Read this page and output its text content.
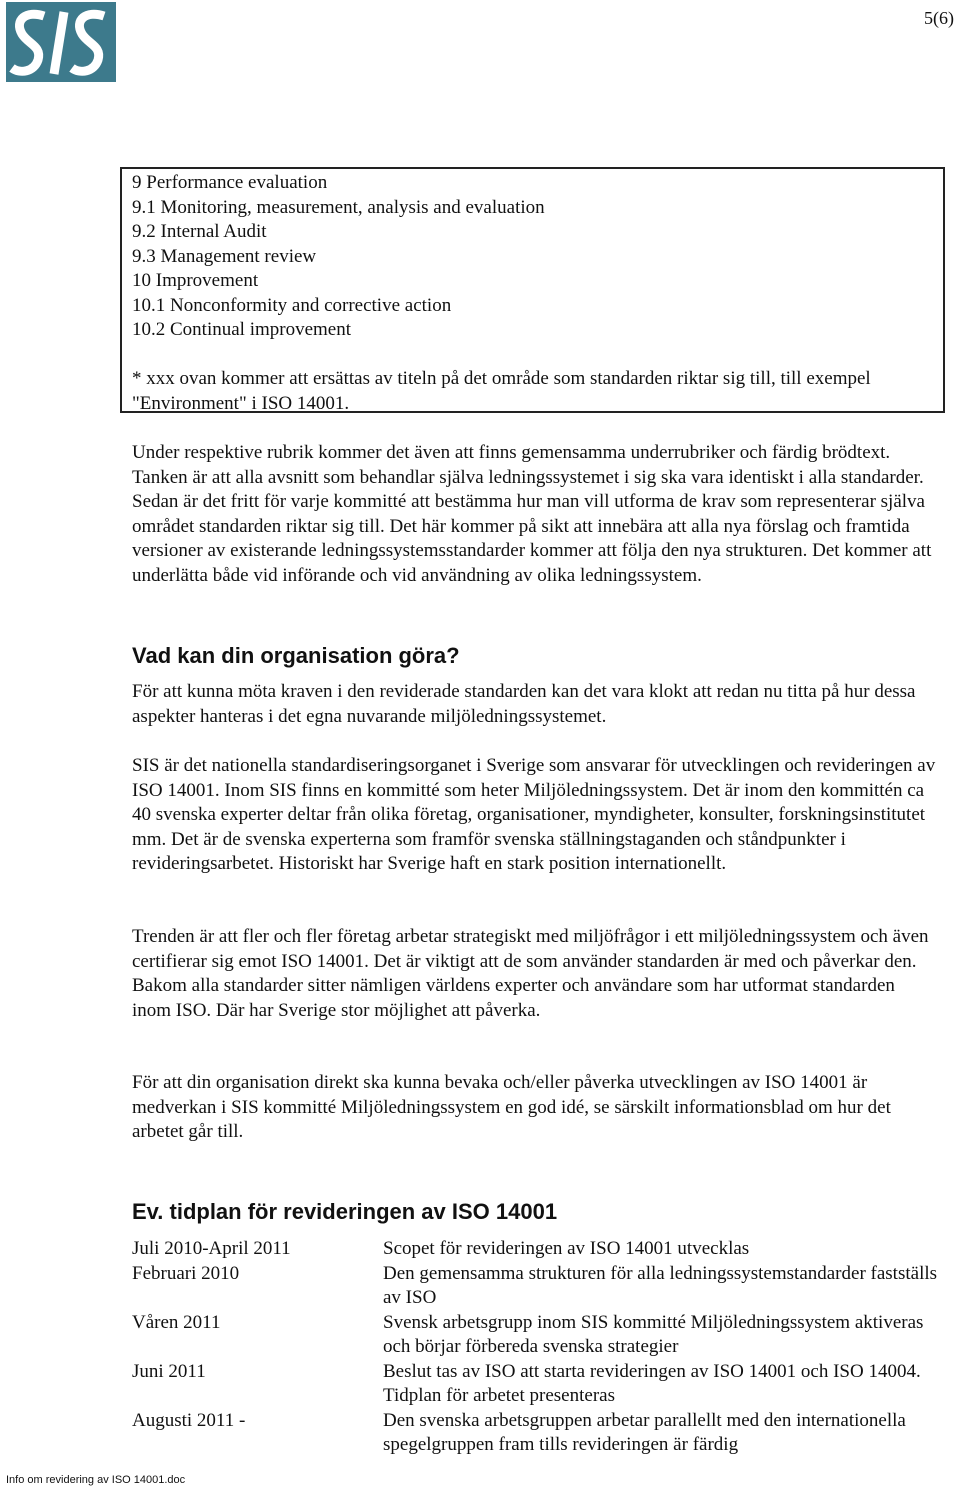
5(6)
9 Performance evaluation
9.1 Monitoring, measurement, analysis and evaluation
9.2 Internal Audit
9.3 Management review
10 Improvement
10.1 Nonconformity and corrective action
10.2 Continual improvement
* xxx ovan kommer att ersättas av titeln på det område som standarden riktar sig till, till exempel "Environment" i ISO 14001.
Under respektive rubrik kommer det även att finns gemensamma underrubriker och färdig brödtext. Tanken är att alla avsnitt som behandlar själva ledningssystemet i sig ska vara identiskt i alla standarder. Sedan är det fritt för varje kommitté att bestämma hur man vill utforma de krav som representerar själva området standarden riktar sig till. Det här kommer på sikt att innebära att alla nya förslag och framtida versioner av existerande ledningssystemsstandarder kommer att följa den nya strukturen. Det kommer att underlätta både vid införande och vid användning av olika ledningssystem.
Vad kan din organisation göra?
För att kunna möta kraven i den reviderade standarden kan det vara klokt att redan nu titta på hur dessa aspekter hanteras i det egna nuvarande miljöledningssystemet.
SIS är det nationella standardiseringsorganet i Sverige som ansvarar för utvecklingen och revideringen av ISO 14001. Inom SIS finns en kommitté som heter Miljöledningssystem. Det är inom den kommittén ca 40 svenska experter deltar från olika företag, organisationer, myndigheter, konsulter, forskningsinstitutet mm. Det är de svenska experterna som framför svenska ställningstaganden och ståndpunkter i revideringsarbetet. Historiskt har Sverige haft en stark position internationellt.
Trenden är att fler och fler företag arbetar strategiskt med miljöfrågor i ett miljöledningssystem och även certifierar sig emot ISO 14001. Det är viktigt att de som använder standarden är med och påverkar den. Bakom alla standarder sitter nämligen världens experter och användare som har utformat standarden inom ISO. Där har Sverige stor möjlighet att påverka.
För att din organisation direkt ska kunna bevaka och/eller påverka utvecklingen av ISO 14001 är medverkan i SIS kommitté Miljöledningssystem en god idé, se särskilt informationsblad om hur det arbetet går till.
Ev. tidplan för revideringen av ISO 14001
Juli 2010-April 2011	Scopet för revideringen av ISO 14001 utvecklas
Februari 2010	Den gemensamma strukturen för alla ledningssystemstandarder fastställs av ISO
Våren 2011	Svensk arbetsgrupp inom SIS kommitté Miljöledningssystem aktiveras och börjar förbereda svenska strategier
Juni 2011	Beslut tas av ISO att starta revideringen av ISO 14001 och ISO 14004. Tidplan för arbetet presenteras
Augusti 2011 -	Den svenska arbetsgruppen arbetar parallellt med den internationella spegelgruppen fram tills revideringen är färdig
Info om revidering av ISO 14001.doc
